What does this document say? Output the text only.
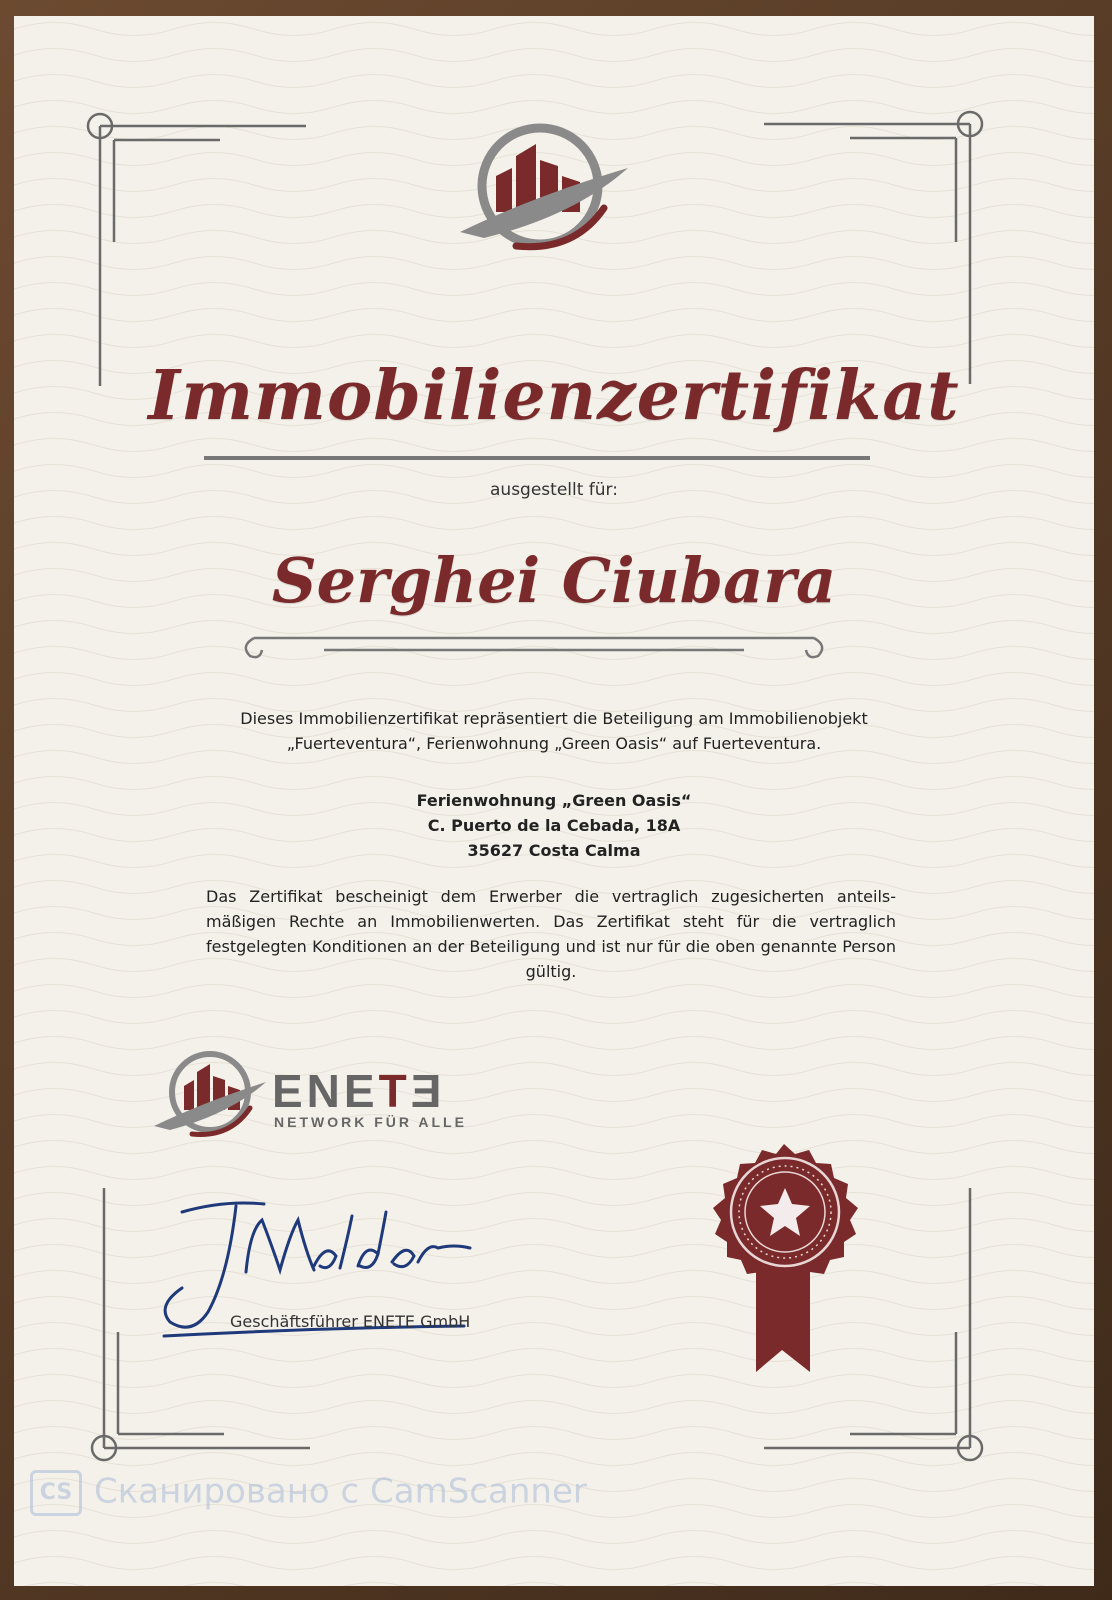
Immobilienzertifikat
ausgestellt für:
Serghei Ciubara
Dieses Immobilienzertifikat repräsentiert die Beteiligung am Immobilienobjekt
„Fuerteventura“, Ferienwohnung „Green Oasis“ auf Fuerteventura.
Ferienwohnung „Green Oasis“
C. Puerto de la Cebada, 18A
35627 Costa Calma
Das Zertifikat bescheinigt dem Erwerber die vertraglich zugesicherten anteilsmäßigen Rechte an Immobilienwerten. Das Zertifikat steht für die vertraglich festgelegten Konditionen an der Beteiligung und ist nur für die oben genannte Person gültig.
ENETƎ
NETWORK FÜR ALLE
Geschäftsführer ENETE GmbH
CS Сканировано с CamScanner
